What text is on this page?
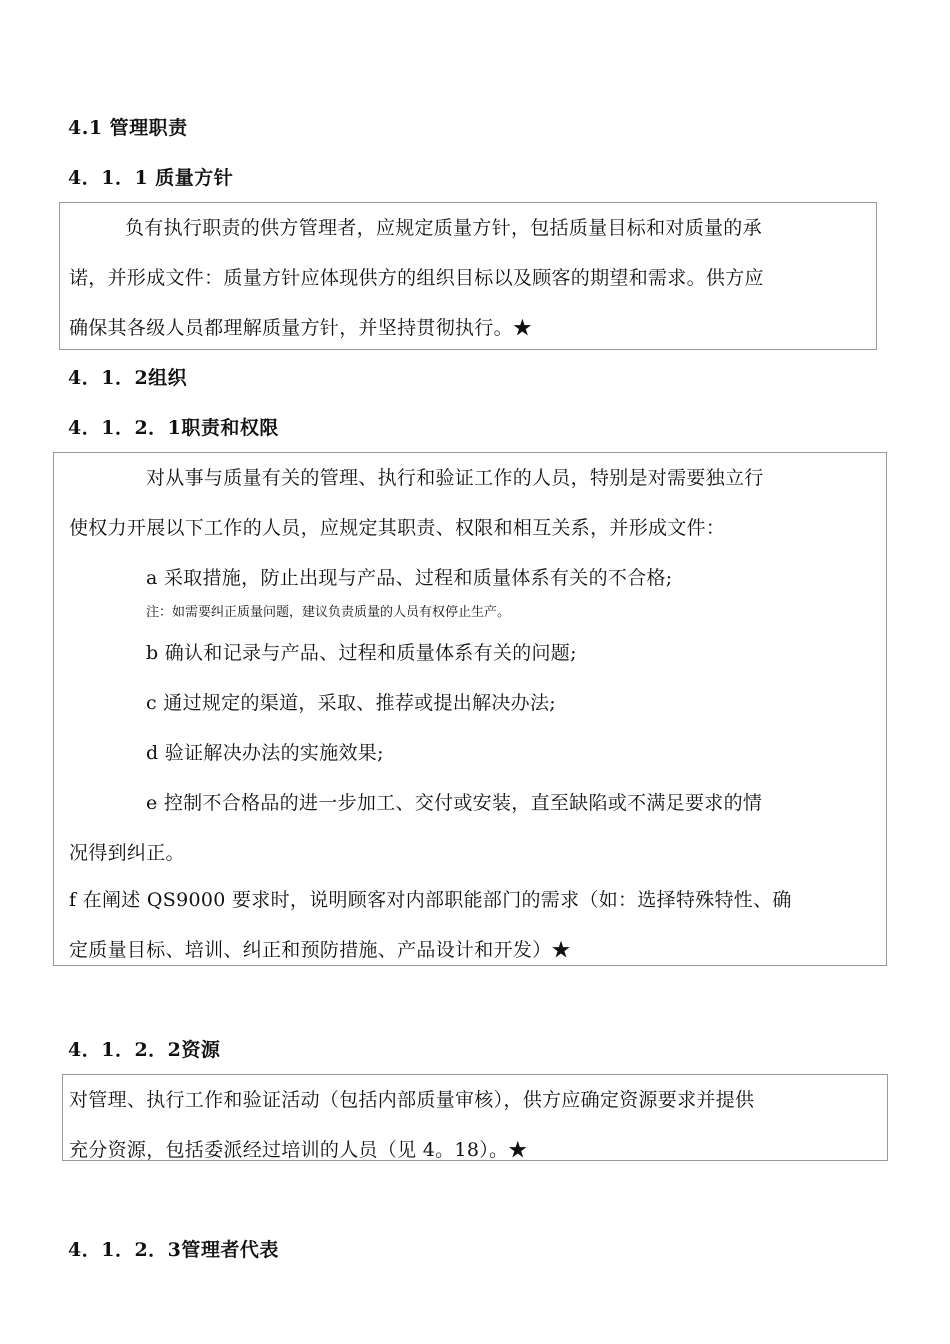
4.1 管理职责
4．1．1 质量方针
负有执行职责的供方管理者，应规定质量方针，包括质量目标和对质量的承
诺，并形成文件：质量方针应体现供方的组织目标以及顾客的期望和需求。供方应
确保其各级人员都理解质量方针，并坚持贯彻执行。★
4．1．2组织
4．1．2．1职责和权限
对从事与质量有关的管理、执行和验证工作的人员，特别是对需要独立行
使权力开展以下工作的人员，应规定其职责、权限和相互关系，并形成文件：
a 采取措施，防止出现与产品、过程和质量体系有关的不合格;
注：如需要纠正质量问题，建议负责质量的人员有权停止生产。
b 确认和记录与产品、过程和质量体系有关的问题;
c 通过规定的渠道，采取、推荐或提出解决办法;
d 验证解决办法的实施效果;
e 控制不合格品的进一步加工、交付或安装，直至缺陷或不满足要求的情
况得到纠正。
f 在阐述 QS9000 要求时，说明顾客对内部职能部门的需求（如：选择特殊特性、确
定质量目标、培训、纠正和预防措施、产品设计和开发）★
4．1．2．2资源
对管理、执行工作和验证活动（包括内部质量审核），供方应确定资源要求并提供
充分资源，包括委派经过培训的人员（见 4。18）。★
4．1．2．3管理者代表
